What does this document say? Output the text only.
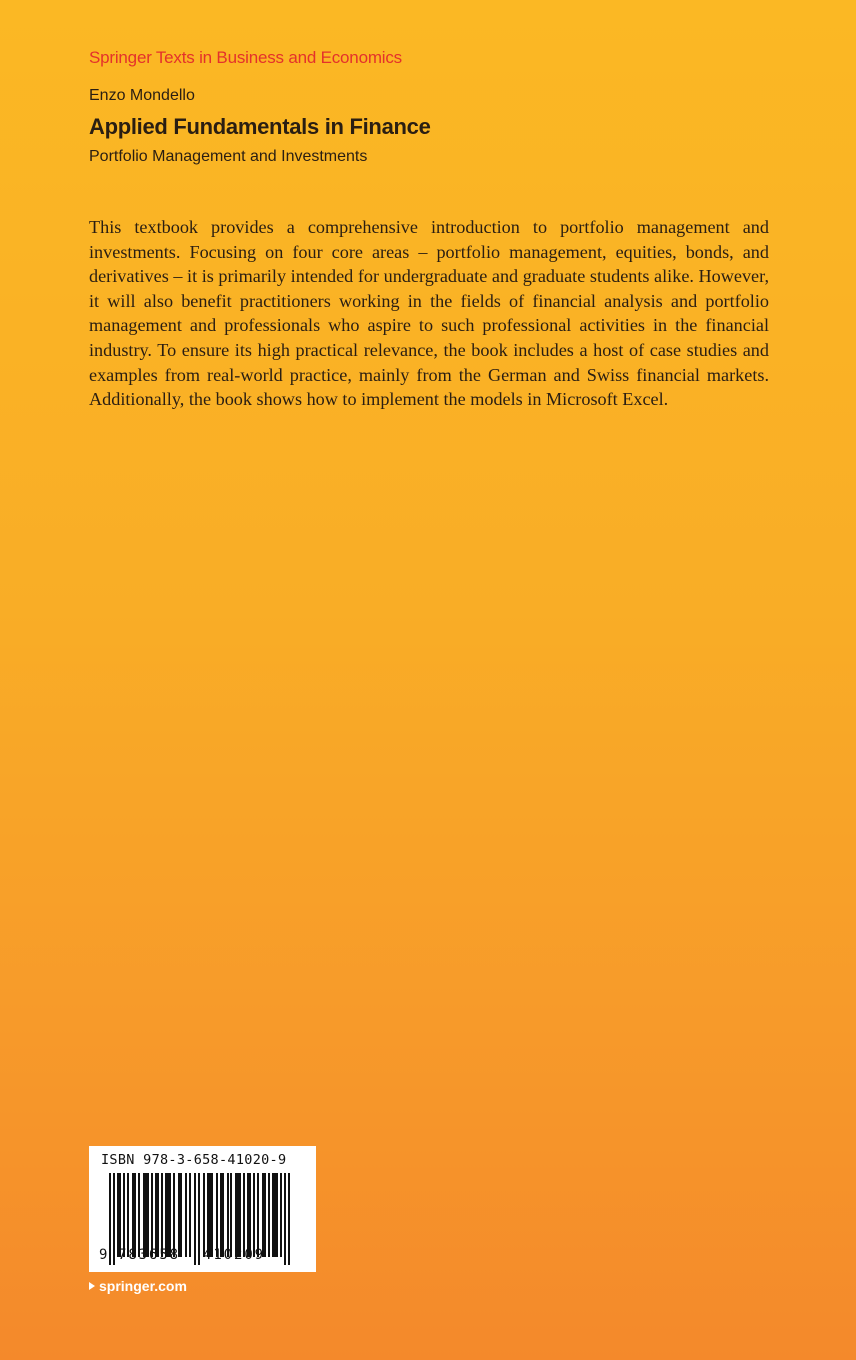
Springer Texts in Business and Economics
Enzo Mondello
Applied Fundamentals in Finance
Portfolio Management and Investments

This textbook provides a comprehensive introduction to portfolio management and investments. Focusing on four core areas – portfolio management, equities, bonds, and derivatives – it is primarily intended for undergraduate and graduate students alike. However, it will also benefit practitioners working in the fields of financial analysis and portfolio management and professionals who aspire to such professional activities in the financial industry. To ensure its high practical relevance, the book includes a host of case studies and examples from real-world practice, mainly from the German and Swiss financial markets. Additionally, the book shows how to implement the models in Microsoft Excel.

ISBN 978-3-658-41020-9
9 783658 410209
springer.com
